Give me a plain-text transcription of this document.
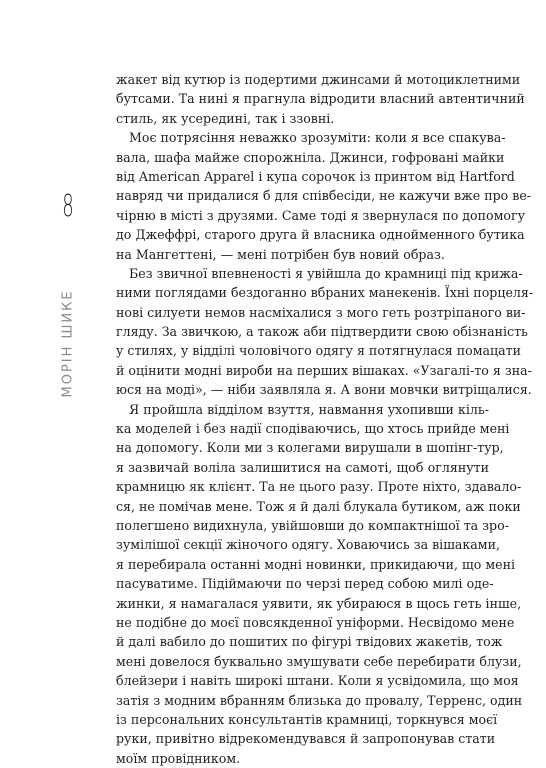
8
МОРІН ШИКЕ
жакет від кутюр із подертими джинсами й мотоциклетними
бутсами. Та нині я прагнула відродити власний автентичний
стиль, як усередині, так і ззовні.
Моє потрясіння неважко зрозуміти: коли я все спакува-
вала, шафа майже спорожніла. Джинси, гофровані майки
від American Apparel і купа сорочок із принтом від Hartford
навряд чи придалися б для співбесіди, не кажучи вже про ве-
чірню в місті з друзями. Саме тоді я звернулася по допомогу
до Джеффрі, старого друга й власника однойменного бутика
на Мангеттені, — мені потрібен був новий образ.
Без звичної впевненості я увійшла до крамниці під крижа-
ними поглядами бездоганно вбраних манекенів. Їхні порцеля-
нові силуети немов насміхалися з мого геть розтріпаного ви-
гляду. За звичкою, а також аби підтвердити свою обізнаність
у стилях, у відділі чоловічого одягу я потягнулася помацати
й оцінити модні вироби на перших вішаках. «Узагалі-то я зна-
юся на моді», — ніби заявляла я. А вони мовчки витріщалися.
Я пройшла відділом взуття, навмання ухопивши кіль-
ка моделей і без надії сподіваючись, що хтось прийде мені
на допомогу. Коли ми з колегами вирушали в шопінг-тур,
я зазвичай воліла залишитися на самоті, щоб оглянути
крамницю як клієнт. Та не цього разу. Проте ніхто, здавало-
ся, не помічав мене. Тож я й далі блукала бутиком, аж поки
полегшено видихнула, увійшовши до компактнішої та зро-
зумілішої секції жіночого одягу. Ховаючись за вішаками,
я перебирала останні модні новинки, прикидаючи, що мені
пасуватиме. Підіймаючи по черзі перед собою милі оде-
жинки, я намагалася уявити, як убираюся в щось геть інше,
не подібне до моєї повсякденної уніформи. Несвідомо мене
й далі вабило до пошитих по фігурі твідових жакетів, тож
мені довелося буквально змушувати себе перебирати блузи,
блейзери і навіть широкі штани. Коли я усвідомила, що моя
затія з модним вбранням близька до провалу, Терренс, один
із персональних консультантів крамниці, торкнувся моєї
руки, привітно відрекомендувався й запропонував стати
моїм провідником.
